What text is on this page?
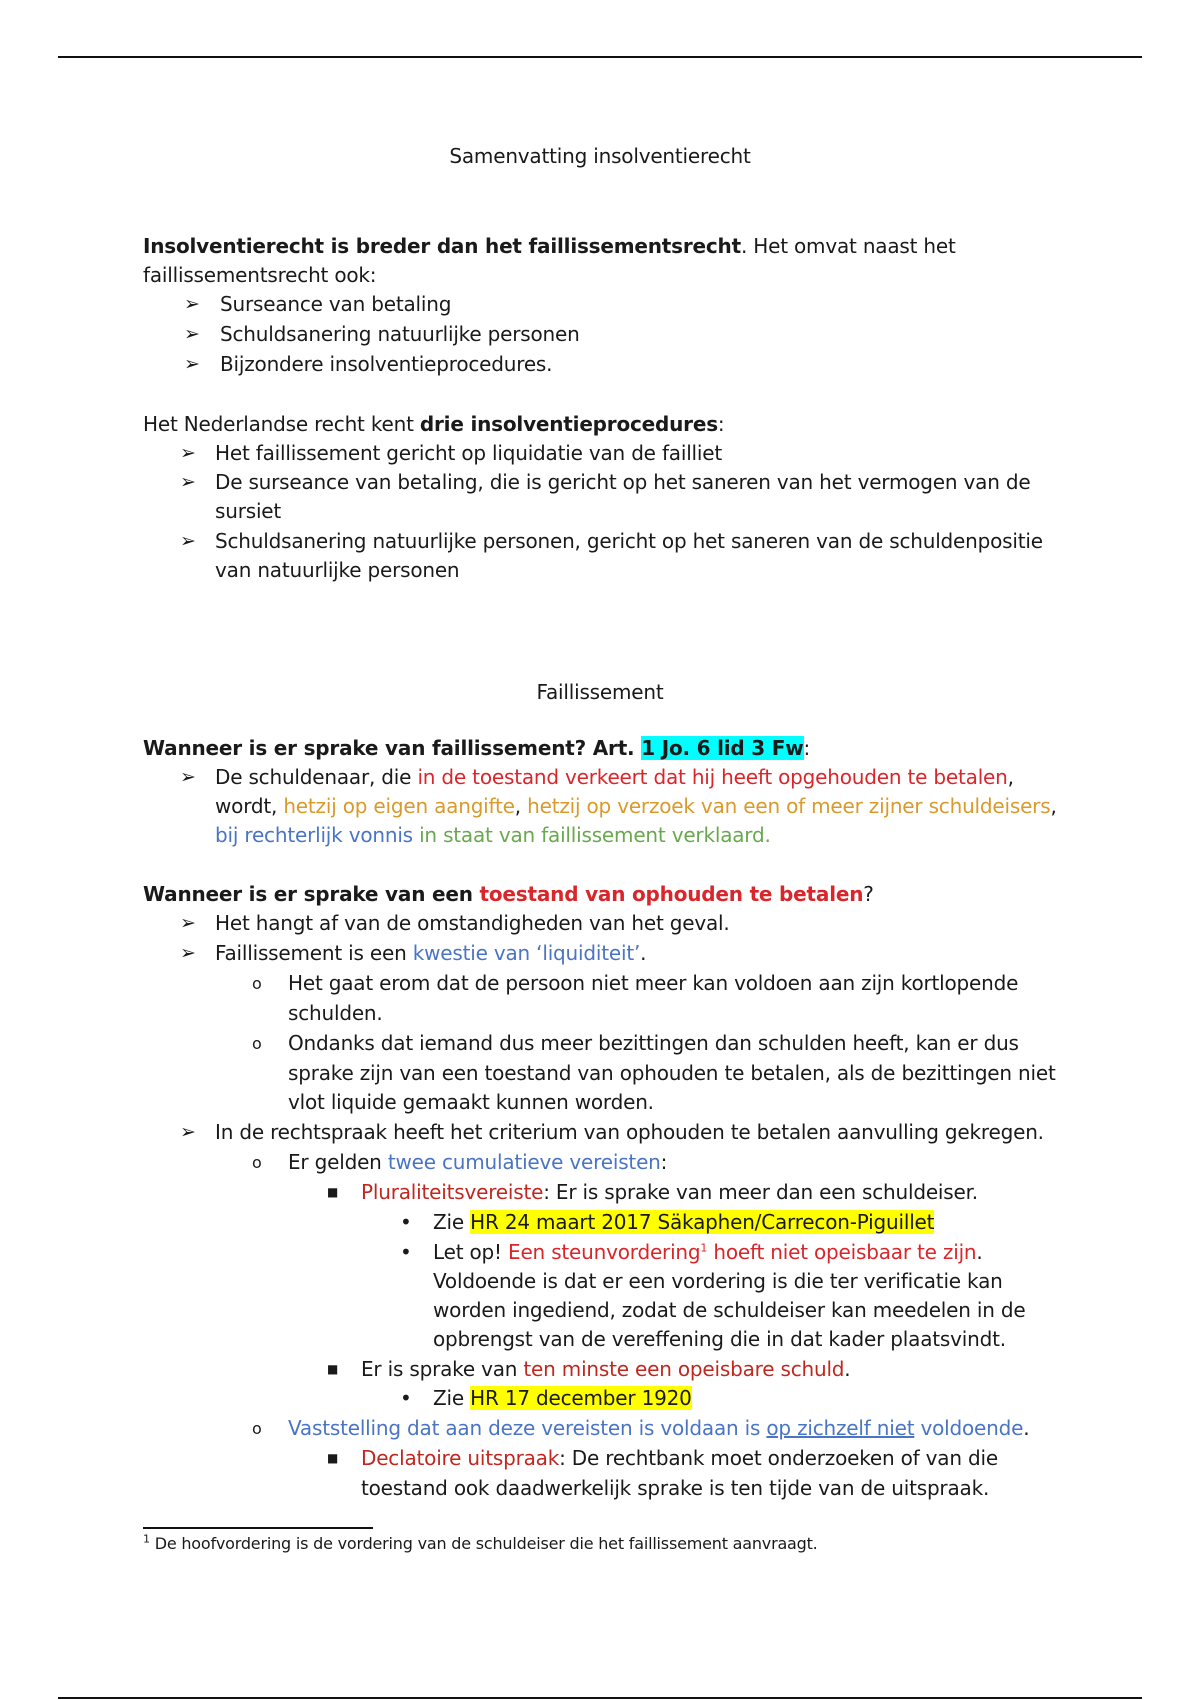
Samenvatting insolventierecht
Insolventierecht is breder dan het faillissementsrecht. Het omvat naast het
faillissementsrecht ook:
➢ Surseance van betaling
➢ Schuldsanering natuurlijke personen
➢ Bijzondere insolventieprocedures.
Het Nederlandse recht kent drie insolventieprocedures:
➢ Het faillissement gericht op liquidatie van de failliet
➢ De surseance van betaling, die is gericht op het saneren van het vermogen van de
sursiet
➢ Schuldsanering natuurlijke personen, gericht op het saneren van de schuldenpositie
van natuurlijke personen
Faillissement
Wanneer is er sprake van faillissement? Art. 1 Jo. 6 lid 3 Fw:
➢ De schuldenaar, die in de toestand verkeert dat hij heeft opgehouden te betalen,
wordt, hetzij op eigen aangifte, hetzij op verzoek van een of meer zijner schuldeisers,
bij rechterlijk vonnis in staat van faillissement verklaard.
Wanneer is er sprake van een toestand van ophouden te betalen?
➢ Het hangt af van de omstandigheden van het geval.
➢ Faillissement is een kwestie van ‘liquiditeit’.
o Het gaat erom dat de persoon niet meer kan voldoen aan zijn kortlopende
schulden.
o Ondanks dat iemand dus meer bezittingen dan schulden heeft, kan er dus
sprake zijn van een toestand van ophouden te betalen, als de bezittingen niet
vlot liquide gemaakt kunnen worden.
➢ In de rechtspraak heeft het criterium van ophouden te betalen aanvulling gekregen.
o Er gelden twee cumulatieve vereisten:
■ Pluraliteitsvereiste: Er is sprake van meer dan een schuldeiser.
• Zie HR 24 maart 2017 Säkaphen/Carrecon-Piguillet
• Let op! Een steunvordering$^1$ hoeft niet opeisbaar te zijn.
Voldoende is dat er een vordering is die ter verificatie kan
worden ingediend, zodat de schuldeiser kan meedelen in de
opbrengst van de vereffening die in dat kader plaatsvindt.
■ Er is sprake van ten minste een opeisbare schuld.
• Zie HR 17 december 1920
o Vaststelling dat aan deze vereisten is voldaan is op zichzelf niet voldoende.
■ Declatoire uitspraak: De rechtbank moet onderzoeken of van die
toestand ook daadwerkelijk sprake is ten tijde van de uitspraak.
$^1$ De hoofvordering is de vordering van de schuldeiser die het faillissement aanvraagt.
